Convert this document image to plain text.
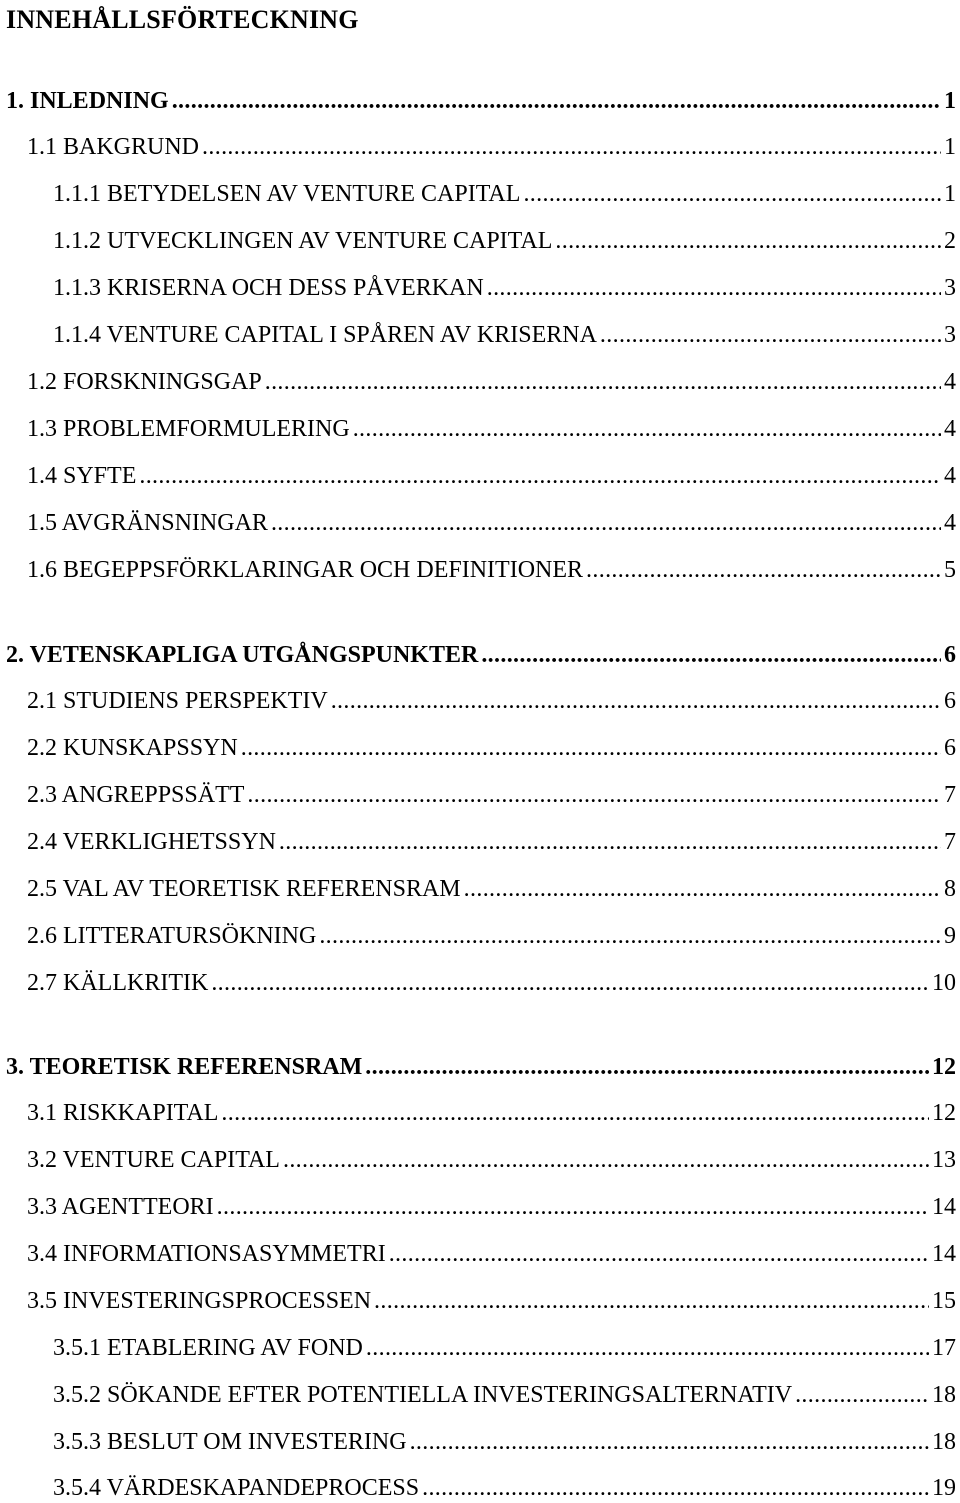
INNEHÅLLSFÖRTECKNING
1. INLEDNING .....	1
1.1 BAKGRUND .....	1
1.1.1 BETYDELSEN AV VENTURE CAPITAL .....	1
1.1.2 UTVECKLINGEN AV VENTURE CAPITAL .....	2
1.1.3 KRISERNA OCH DESS PÅVERKAN .....	3
1.1.4 VENTURE CAPITAL I SPÅREN AV KRISERNA .....	3
1.2 FORSKNINGSGAP .....	4
1.3 PROBLEMFORMULERING .....	4
1.4 SYFTE .....	4
1.5 AVGRÄNSNINGAR .....	4
1.6 BEGEPPSFÖRKLARINGAR OCH DEFINITIONER .....	5
2. VETENSKAPLIGA UTGÅNGSPUNKTER .....	6
2.1 STUDIENS PERSPEKTIV .....	6
2.2 KUNSKAPSSYN .....	6
2.3 ANGREPPSSÄTT .....	7
2.4 VERKLIGHETSSYN .....	7
2.5 VAL AV TEORETISK REFERENSRAM .....	8
2.6 LITTERATURSÖKNING .....	9
2.7 KÄLLKRITIK .....	10
3. TEORETISK REFERENSRAM .....	12
3.1 RISKKAPITAL .....	12
3.2 VENTURE CAPITAL .....	13
3.3 AGENTTEORI .....	14
3.4 INFORMATIONSASYMMETRI .....	14
3.5 INVESTERINGSPROCESSEN .....	15
3.5.1 ETABLERING AV FOND .....	17
3.5.2 SÖKANDE EFTER POTENTIELLA INVESTERINGSALTERNATIV .....	18
3.5.3 BESLUT OM INVESTERING .....	18
3.5.4 VÄRDESKAPANDEPROCESS .....	19
